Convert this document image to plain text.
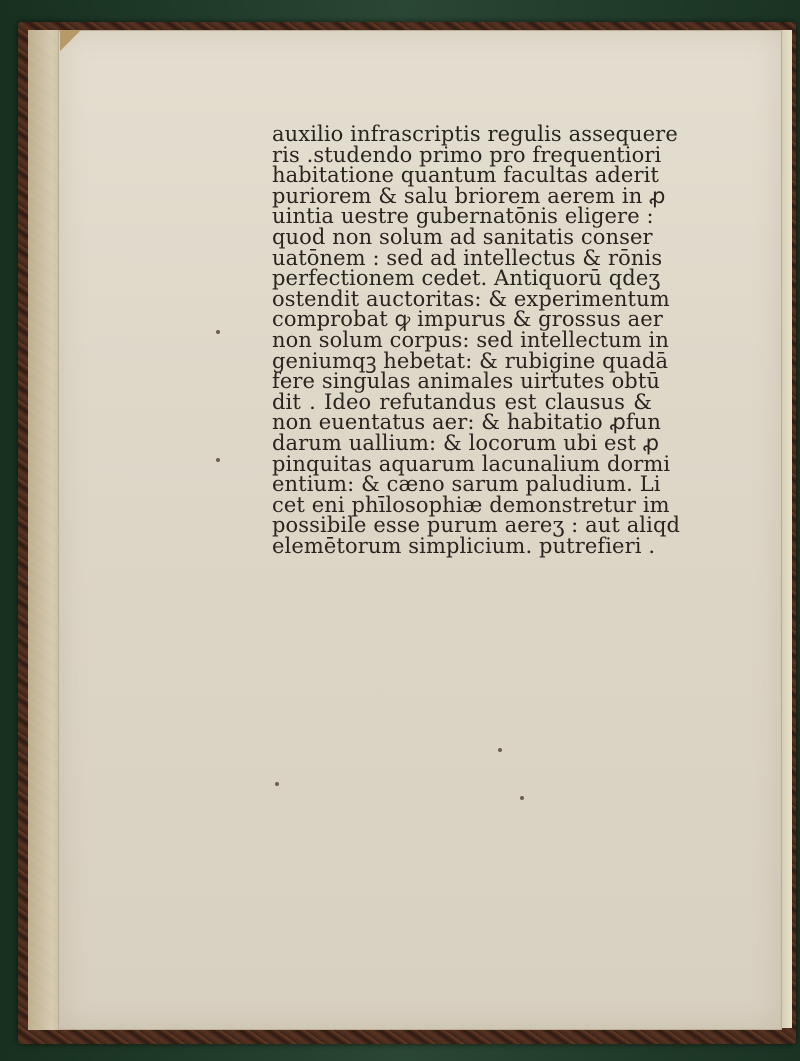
auxilio infrascriptis regulis assequere
ris .studendo primo pro frequentiori
habitatione quantum facultas aderit
puriorem & salu briorem aerem in ꝓ
uintia uestre gubernatōnis eligere :
quod non solum ad sanitatis conser
uatōnem : sed ad intellectus & rōnis
perfectionem cedet. Antiquorū qdeʒ
ostendit auctoritas: & experimentum
comprobat ꝙ impurus & grossus aer
non solum corpus: sed intellectum in
geniumqꝫ hebetat: & rubigine quadā
fere singulas animales uirtutes obtū
dit . Ideo refutandus est clausus &
non euentatus aer: & habitatio ꝓfun
darum uallium: & locorum ubi est ꝓ
pinquitas aquarum lacunalium dormi
entium: & cæno sarum paludium. Li
cet eni phīlosophiæ demonstretur im
possibile esse purum aereʒ : aut aliqd
elemētorum simplicium. putrefieri .
